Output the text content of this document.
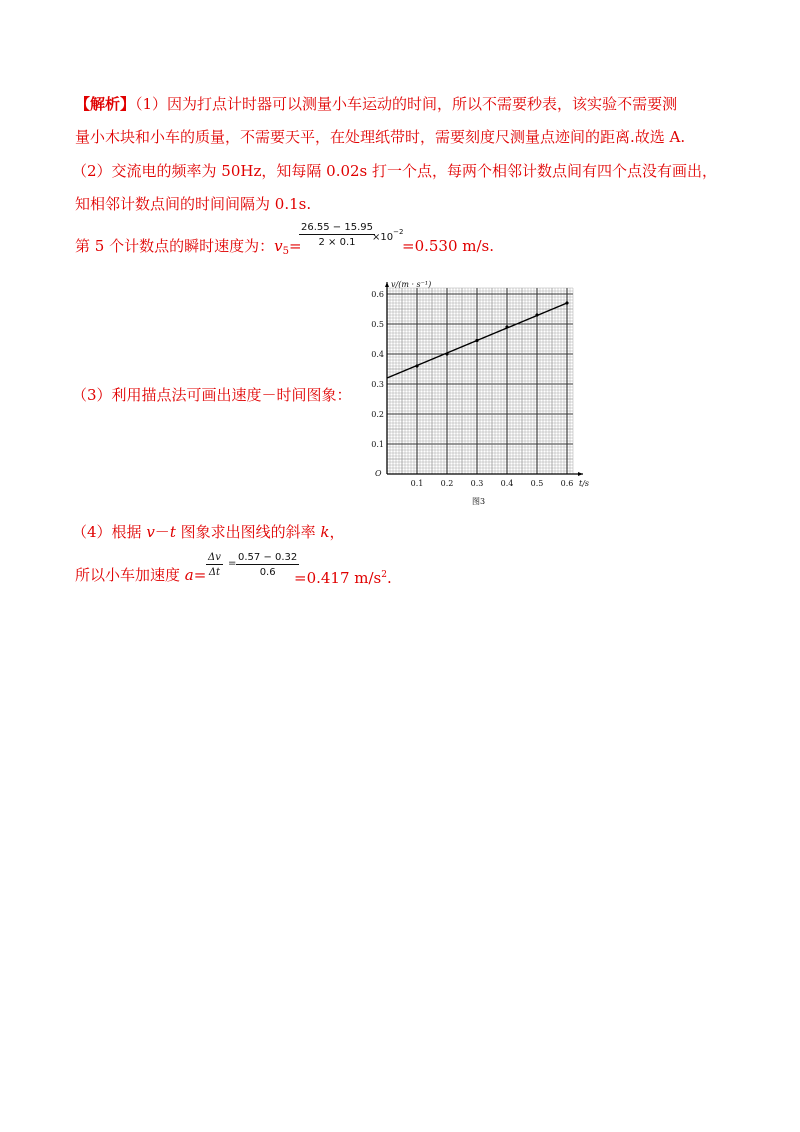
【解析】（1）因为打点计时器可以测量小车运动的时间，所以不需要秒表，该实验不需要测
量小木块和小车的质量，不需要天平，在处理纸带时，需要刻度尺测量点迹间的距离.故选 A.
（2）交流电的频率为 50Hz，知每隔 0.02s 打一个点，每两个相邻计数点间有四个点没有画出，
知相邻计数点间的时间间隔为 0.1s.
第 5 个计数点的瞬时速度为：$v_5=$
$\frac{26.55 - 15.95}{2 \times 0.1}$
$\times 10^{-2}$
=0.530 m/s.
（3）利用描点法可画出速度－时间图象：
0.1 0.2 0.3 0.4 0.5 0.6
0.1
0.2
0.3
0.4
0.5
0.6
v/(m · s⁻¹)
t/s
O
图3
（4）根据 v－t 图象求出图线的斜率 k，
所以小车加速度 $a= \frac{\Delta v}{\Delta t} = \frac{0.57 - 0.32}{0.6}$
=0.417 $m/s^2$.
